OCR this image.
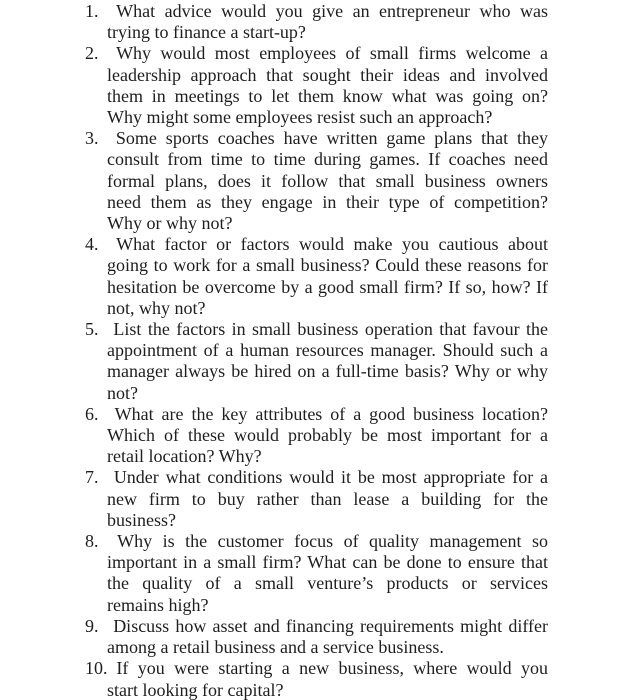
1. What advice would you give an entrepreneur who was
trying to finance a start-up?
2. Why would most employees of small firms welcome a
leadership approach that sought their ideas and involved
them in meetings to let them know what was going on?
Why might some employees resist such an approach?
3. Some sports coaches have written game plans that they
consult from time to time during games. If coaches need
formal plans, does it follow that small business owners
need them as they engage in their type of competition?
Why or why not?
4. What factor or factors would make you cautious about
going to work for a small business? Could these reasons for
hesitation be overcome by a good small firm? If so, how? If
not, why not?
5. List the factors in small business operation that favour the
appointment of a human resources manager. Should such a
manager always be hired on a full-time basis? Why or why
not?
6. What are the key attributes of a good business location?
Which of these would probably be most important for a
retail location? Why?
7. Under what conditions would it be most appropriate for a
new firm to buy rather than lease a building for the
business?
8. Why is the customer focus of quality management so
important in a small firm? What can be done to ensure that
the quality of a small venture’s products or services
remains high?
9. Discuss how asset and financing requirements might differ
among a retail business and a service business.
10. If you were starting a new business, where would you
start looking for capital?
